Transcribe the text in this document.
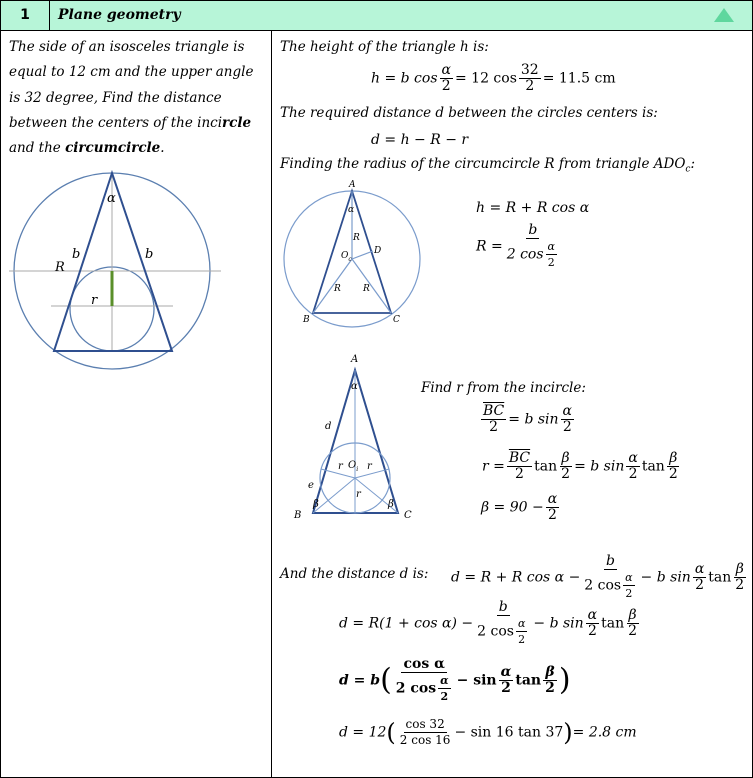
1	Plane geometry
The side of an isosceles triangle is equal to 12 cm and the upper angle is 32 degree, Find the distance between the centers of the incircle and the circumcircle.
α
b	b
R
r
A
α
R
$O_c$
D
R R
B	C
A
α
d
r $O_i$ r
r
e
β	β
B	C
The height of the triangle h is:
h = b $\cos \frac{\alpha}{2} = 12$ $\cos \frac{32}{2} = 11.5$ cm
The required distance d between the circles centers is:
d = h − R − r
Finding the radius of the circumcircle R from triangle $ADO_c$:
h = R + R cos α
$R = \frac{b}{2 \cos \frac{\alpha}{2}}$
Find r from the incircle:
$\frac{\overline{BC}}{2} = b$ $\sin \frac{\alpha}{2}$
$r = \frac{\overline{BC}}{2}$ $\tan \frac{\beta}{2} = b$ $\sin \frac{\alpha}{2}$ $\tan \frac{\beta}{2}$
$\beta = 90 - \frac{\alpha}{2}$
And the distance d is: d = R + R $\cos \alpha - \frac{b}{2 \cos \frac{\alpha}{2}} - b$ $\sin \frac{\alpha}{2}$ $\tan \frac{\beta}{2}$
$d = R(1 + \cos \alpha) - \frac{b}{2 \cos \frac{\alpha}{2}} - b$ $\sin \frac{\alpha}{2}$ $\tan \frac{\beta}{2}$
$d = b( \frac{\text{cos α}}{2 \cos \frac{\alpha}{2}} - \sin \frac{\alpha}{2}$ $\tan \frac{\beta}{2}$ )
$d = 12( \frac{\cos 32}{2 \cos 16} - \sin 16$ tan 37)= 2.8 cm
